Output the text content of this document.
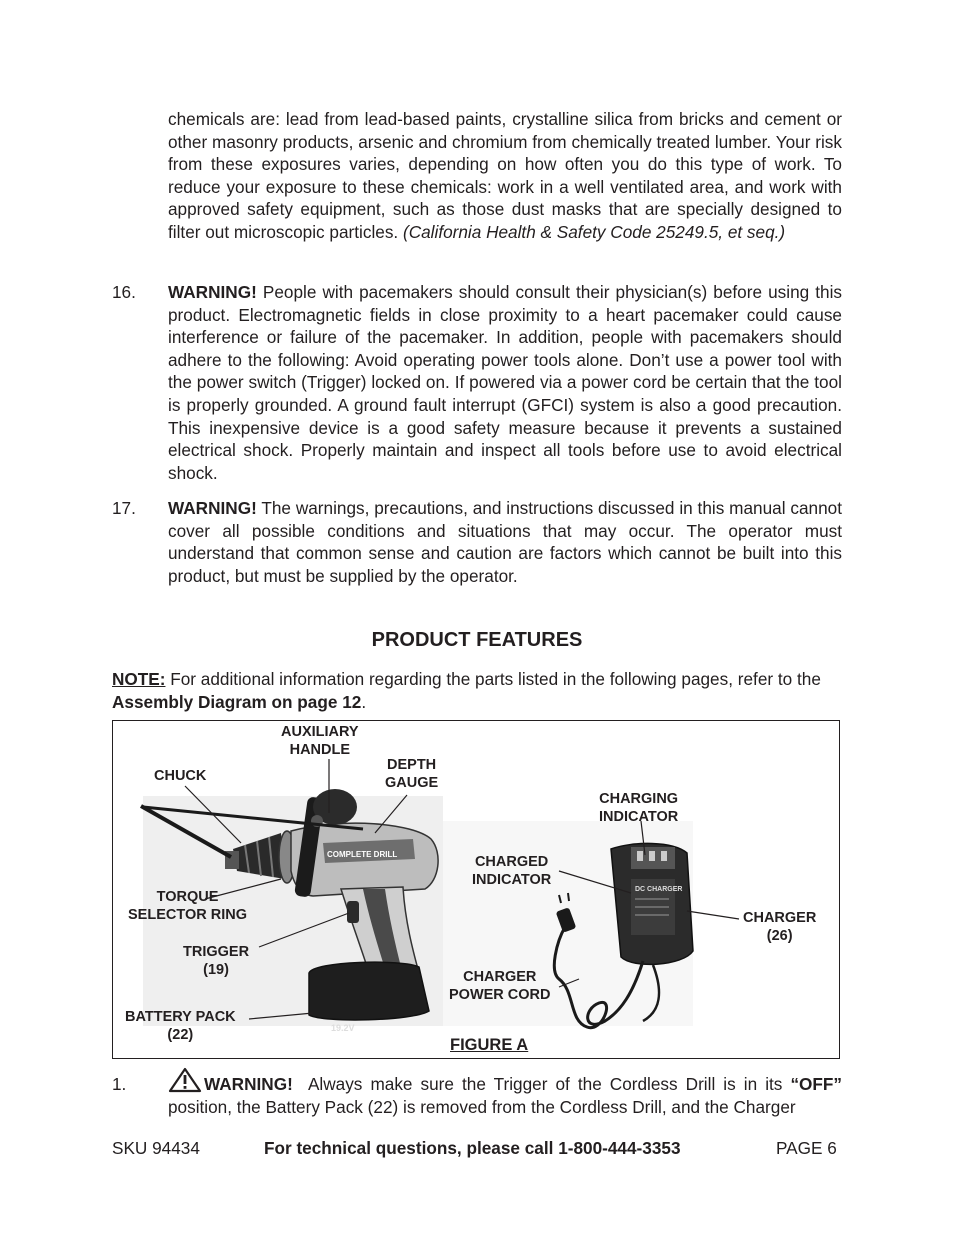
chemicals are: lead from lead-based paints, crystalline silica from bricks and cement or other masonry products, arsenic and chromium from chemically treated lumber. Your risk from these exposures varies, depending on how often you do this type of work. To reduce your exposure to these chemicals: work in a well ventilated area, and work with approved safety equipment, such as those dust masks that are specially designed to filter out microscopic particles. (California Health & Safety Code 25249.5, et seq.)

16. WARNING! People with pacemakers should consult their physician(s) before using this product. Electromagnetic fields in close proximity to a heart pacemaker could cause interference or failure of the pacemaker. In addition, people with pacemakers should adhere to the following: Avoid operating power tools alone. Don’t use a power tool with the power switch (Trigger) locked on. If powered via a power cord be certain that the tool is properly grounded. A ground fault interrupt (GFCI) system is also a good precaution. This inexpensive device is a good safety measure because it prevents a sustained electrical shock. Properly maintain and inspect all tools before use to avoid electrical shock.

17. WARNING! The warnings, precautions, and instructions discussed in this manual cannot cover all possible conditions and situations that may occur. The operator must understand that common sense and caution are factors which cannot be built into this product, but must be supplied by the operator.

PRODUCT FEATURES

NOTE: For additional information regarding the parts listed in the following pages, refer to the Assembly Diagram on page 12.

COMPLETE DRILL
19.2V
DC CHARGER
AUXILIARY
HANDLE
DEPTH
GAUGE
CHUCK
CHARGING
INDICATOR
CHARGED
INDICATOR
TORQUE
SELECTOR RING	CHARGER
(26)
TRIGGER
(19)	CHARGER
POWER CORD
BATTERY PACK
(22)
FIGURE A
1.	WARNING! Always make sure the Trigger of the Cordless Drill is in its “OFF” position, the Battery Pack (22) is removed from the Cordless Drill, and the Charger

SKU 94434	For technical questions, please call 1-800-444-3353	PAGE 6
